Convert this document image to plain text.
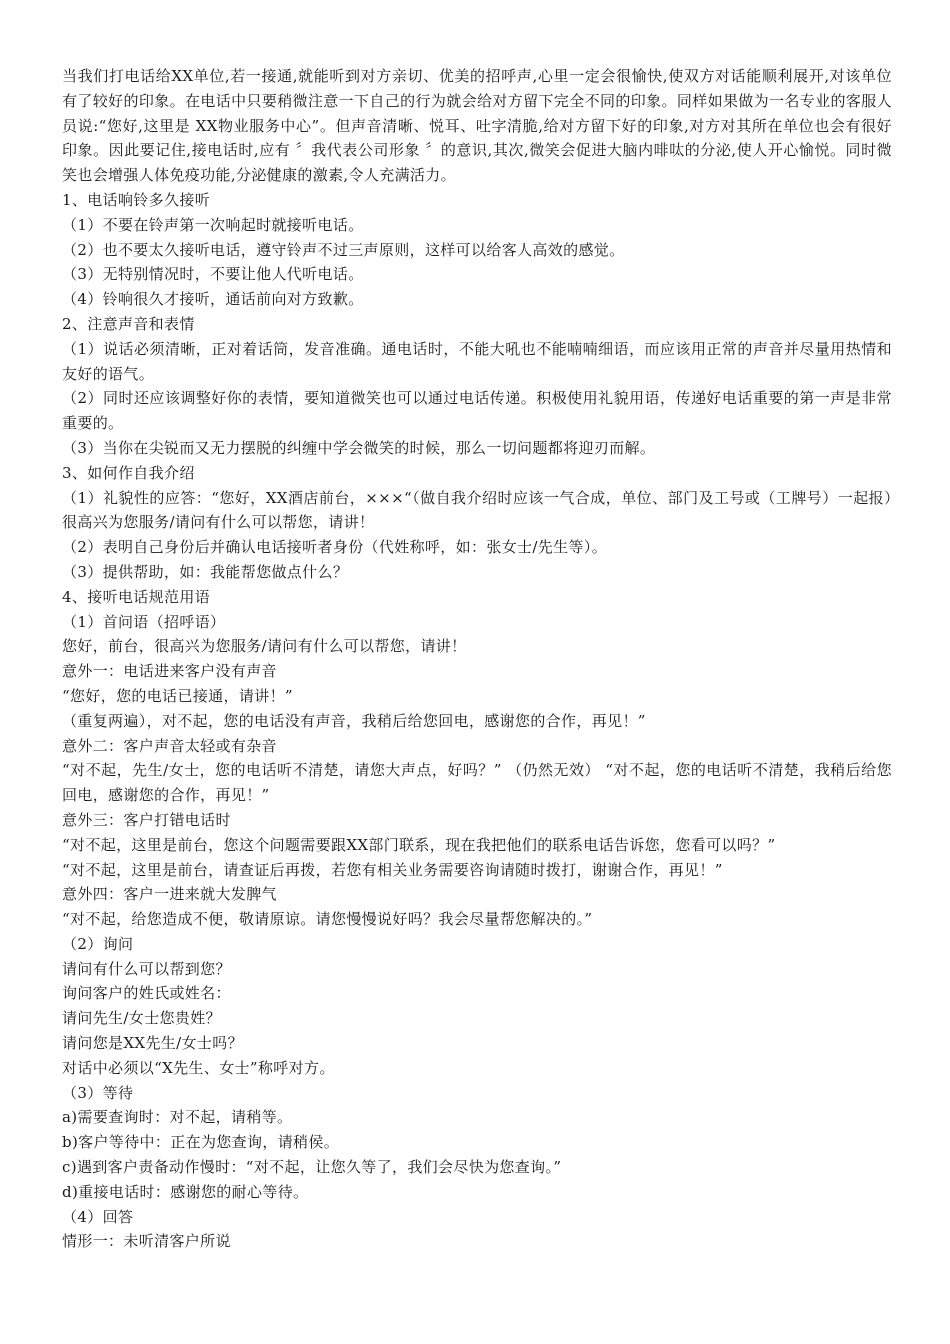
当我们打电话给XX单位,若一接通,就能听到对方亲切、优美的招呼声,心里一定会很愉快,使双方对话能顺利展开,对该单位有了较好的印象。在电话中只要稍微注意一下自己的行为就会给对方留下完全不同的印象。同样如果做为一名专业的客服人员说:“您好,这里是 XX物业服务中心”。但声音清晰、悦耳、吐字清脆,给对方留下好的印象,对方对其所在单位也会有很好印象。因此要记住,接电话时,应有 〞我代表公司形象 〞的意识,其次,微笑会促进大脑内啡呔的分泌,使人开心愉悦。同时微笑也会增强人体免疫功能,分泌健康的激素,令人充满活力。

1、电话响铃多久接听
（1）不要在铃声第一次响起时就接听电话。
（2）也不要太久接听电话，遵守铃声不过三声原则，这样可以给客人高效的感觉。
（3）无特别情况时，不要让他人代听电话。
（4）铃响很久才接听，通话前向对方致歉。
2、注意声音和表情
（1）说话必须清晰，正对着话筒，发音准确。通电话时，不能大吼也不能喃喃细语，而应该用正常的声音并尽量用热情和友好的语气。
（2）同时还应该调整好你的表情，要知道微笑也可以通过电话传递。积极使用礼貌用语，传递好电话重要的第一声是非常重要的。
（3）当你在尖锐而又无力摆脱的纠缠中学会微笑的时候，那么一切问题都将迎刃而解。
3、如何作自我介绍
（1）礼貌性的应答：“您好，XX酒店前台，×××“（做自我介绍时应该一气合成，单位、部门及工号或（工牌号）一起报）很高兴为您服务/请问有什么可以帮您，请讲！
（2）表明自己身份后并确认电话接听者身份（代姓称呼，如：张女士/先生等）。
（3）提供帮助，如：我能帮您做点什么？
4、接听电话规范用语
（1）首问语（招呼语）
您好，前台，很高兴为您服务/请问有什么可以帮您，请讲！
意外一：电话进来客户没有声音
“您好，您的电话已接通，请讲！”
（重复两遍），对不起，您的电话没有声音，我稍后给您回电，感谢您的合作，再见！”
意外二：客户声音太轻或有杂音
“对不起，先生/女士，您的电话听不清楚，请您大声点，好吗？” （仍然无效） “对不起，您的电话听不清楚，我稍后给您回电，感谢您的合作，再见！”
意外三：客户打错电话时
“对不起，这里是前台，您这个问题需要跟XX部门联系，现在我把他们的联系电话告诉您，您看可以吗？”
“对不起，这里是前台，请查证后再拨，若您有相关业务需要咨询请随时拨打，谢谢合作，再见！”
意外四：客户一进来就大发脾气
“对不起，给您造成不便，敬请原谅。请您慢慢说好吗？我会尽量帮您解决的。”
（2）询问
请问有什么可以帮到您？
询问客户的姓氏或姓名：
请问先生/女士您贵姓？
请问您是XX先生/女士吗？
对话中必须以“X先生、女士”称呼对方。
（3）等待
a)需要查询时：对不起，请稍等。
b)客户等待中：正在为您查询，请稍侯。
c)遇到客户责备动作慢时：“对不起，让您久等了，我们会尽快为您查询。”
d)重接电话时：感谢您的耐心等待。
（4）回答
情形一：未听清客户所说
